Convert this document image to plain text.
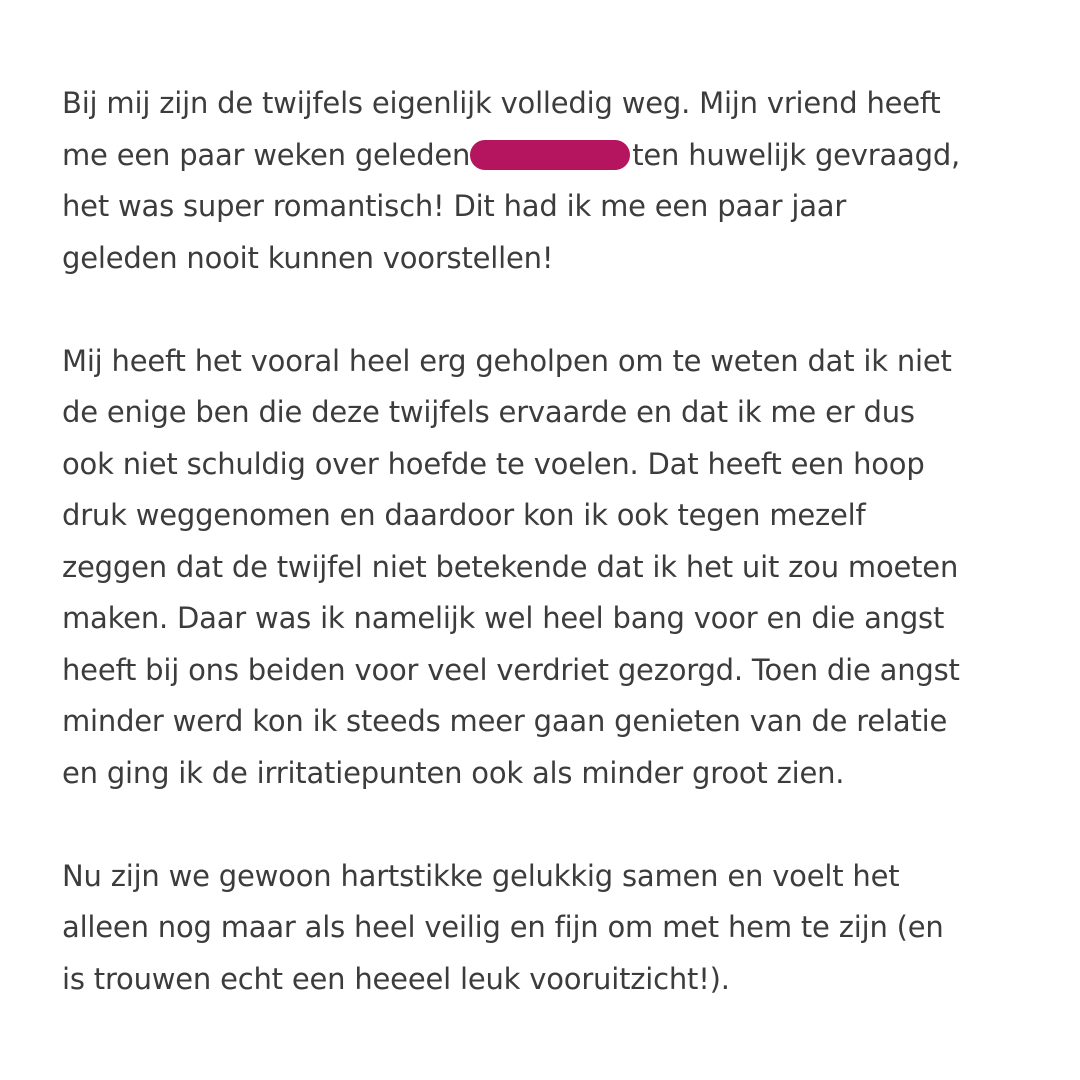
Bij mij zijn de twijfels eigenlijk volledig weg. Mijn vriend heeft
me een paar weken geleden	ten huwelijk gevraagd,
het was super romantisch! Dit had ik me een paar jaar
geleden nooit kunnen voorstellen!

Mij heeft het vooral heel erg geholpen om te weten dat ik niet
de enige ben die deze twijfels ervaarde en dat ik me er dus
ook niet schuldig over hoefde te voelen. Dat heeft een hoop
druk weggenomen en daardoor kon ik ook tegen mezelf
zeggen dat de twijfel niet betekende dat ik het uit zou moeten
maken. Daar was ik namelijk wel heel bang voor en die angst
heeft bij ons beiden voor veel verdriet gezorgd. Toen die angst
minder werd kon ik steeds meer gaan genieten van de relatie
en ging ik de irritatiepunten ook als minder groot zien.

Nu zijn we gewoon hartstikke gelukkig samen en voelt het
alleen nog maar als heel veilig en fijn om met hem te zijn (en
is trouwen echt een heeeel leuk vooruitzicht!).
